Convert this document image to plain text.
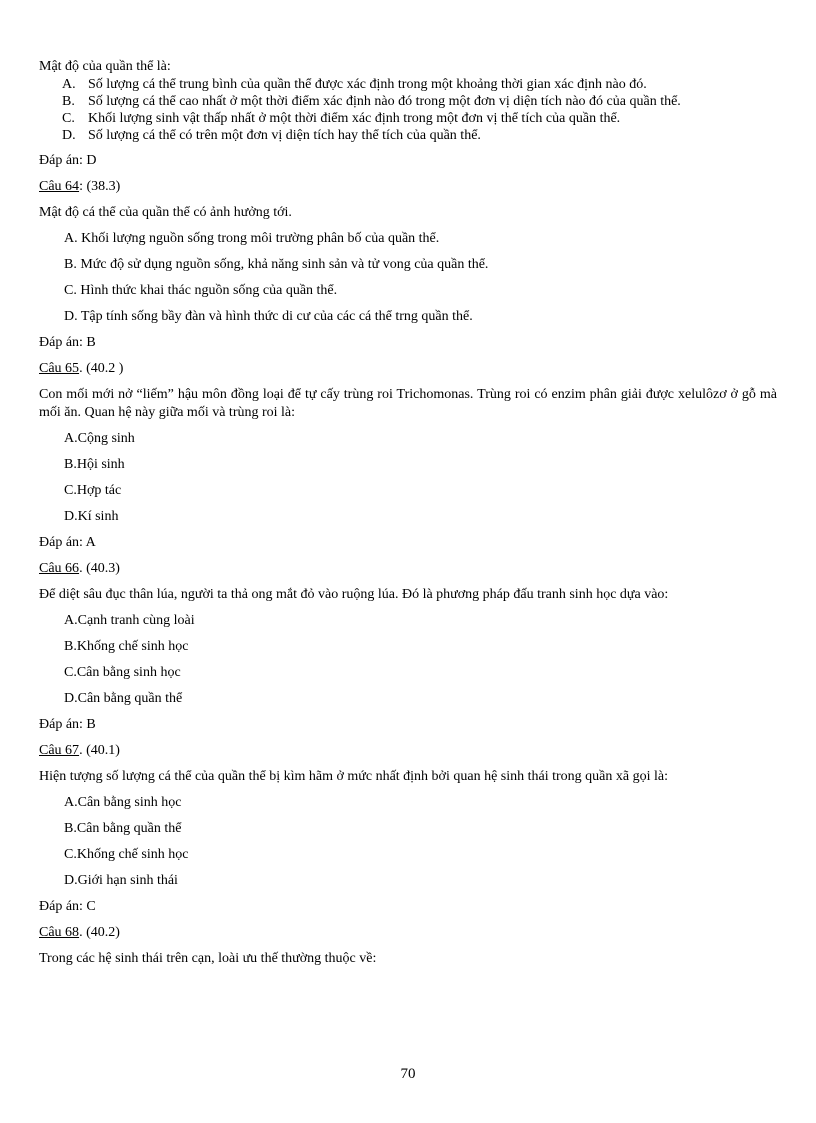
Mật độ của quần thể là:
A. Số lượng cá thể trung bình của quần thể được xác định trong một khoảng thời gian xác định nào đó.
B. Số lượng cá thể cao nhất ở một thời điểm xác định nào đó trong một đơn vị diện tích nào đó của quần thể.
C. Khối lượng sinh vật thấp nhất ở một thời điểm xác định trong một đơn vị thể tích của quần thể.
D. Số lượng cá thể có trên một đơn vị diện tích hay thể tích của quần thể.
Đáp án: D
Câu 64: (38.3)
Mật độ cá thể của quần thể có ảnh hưởng tới.
A. Khối lượng nguồn sống trong môi trường phân bố của quần thể.
B. Mức độ sử dụng nguồn sống, khả năng sinh sản và tử vong của quần thể.
C. Hình thức khai thác nguồn sống của quần thể.
D. Tập tính sống bầy đàn và hình thức di cư của các cá thể trng quần thể.
Đáp án: B
Câu 65. (40.2 )
Con mối mới nở “liếm” hậu môn đồng loại để tự cấy trùng roi Trichomonas. Trùng roi có enzim phân giải được xelulôzơ ở gỗ mà mối ăn. Quan hệ này giữa mối và trùng roi là:
A.Cộng sinh
B.Hội sinh
C.Hợp tác
D.Kí sinh
Đáp án: A
Câu 66. (40.3)
Để diệt sâu đục thân lúa, người ta thả ong mắt đỏ vào ruộng lúa. Đó là phương pháp đấu tranh sinh học dựa vào:
A.Cạnh tranh cùng loài
B.Khống chế sinh học
C.Cân bằng sinh học
D.Cân bằng quần thể
Đáp án: B
Câu 67. (40.1)
Hiện tượng số lượng cá thể của quần thể bị kìm hãm ở mức nhất định bởi quan hệ sinh thái trong quần xã gọi là:
A.Cân bằng sinh học
B.Cân bằng quần thể
C.Khống chế sinh học
D.Giới hạn sinh thái
Đáp án: C
Câu 68. (40.2)
Trong các hệ sinh thái trên cạn, loài ưu thế thường thuộc về:
70
